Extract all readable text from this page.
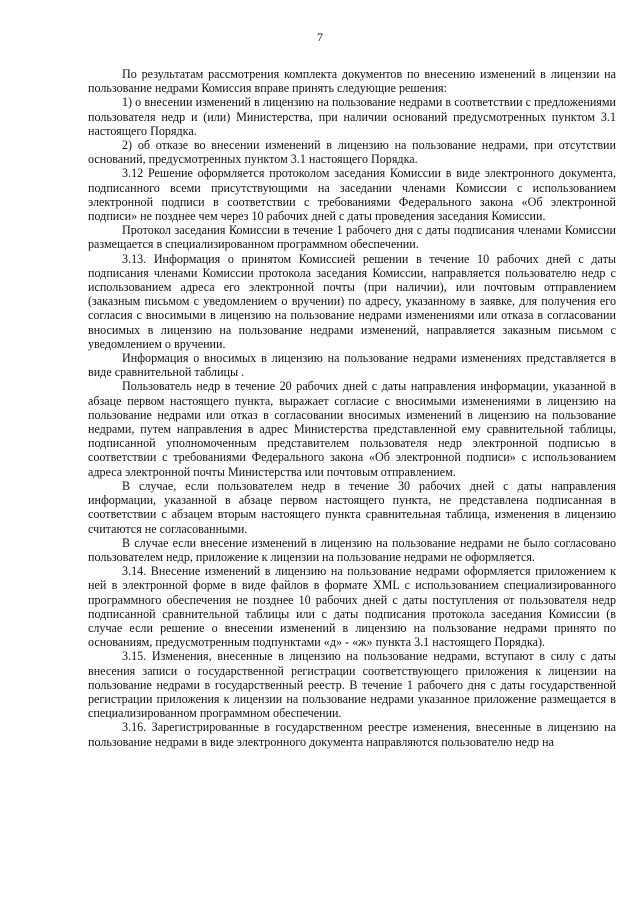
7

По результатам рассмотрения комплекта документов по внесению изменений в лицензии на пользование недрами Комиссия вправе принять следующие решения:

1) о внесении изменений в лицензию на пользование недрами в соответствии с предложениями пользователя недр и (или) Министерства, при наличии оснований предусмотренных пунктом 3.1 настоящего Порядка.

2) об отказе во внесении изменений в лицензию на пользование недрами, при отсутствии оснований, предусмотренных пунктом 3.1 настоящего Порядка.

3.12 Решение оформляется протоколом заседания Комиссии в виде электронного документа, подписанного всеми присутствующими на заседании членами Комиссии с использованием электронной подписи в соответствии с требованиями Федерального закона «Об электронной подписи» не позднее чем через 10 рабочих дней с даты проведения заседания Комиссии.

Протокол заседания Комиссии в течение 1 рабочего дня с даты подписания членами Комиссии размещается в специализированном программном обеспечении.

3.13. Информация о принятом Комиссией решении в течение 10 рабочих дней с даты подписания членами Комиссии протокола заседания Комиссии, направляется пользователю недр с использованием адреса его электронной почты (при наличии), или почтовым отправлением (заказным письмом с уведомлением о вручении) по адресу, указанному в заявке, для получения его согласия с вносимыми в лицензию на пользование недрами изменениями или отказа в согласовании вносимых в лицензию на пользование недрами изменений, направляется заказным письмом с уведомлением о вручении.

Информация о вносимых в лицензию на пользование недрами изменениях представляется в виде сравнительной таблицы .

Пользователь недр в течение 20 рабочих дней с даты направления информации, указанной в абзаце первом настоящего пункта, выражает согласие с вносимыми изменениями в лицензию на пользование недрами или отказ в согласовании вносимых изменений в лицензию на пользование недрами, путем направления в адрес Министерства представленной ему сравнительной таблицы, подписанной уполномоченным представителем пользователя недр электронной подписью в соответствии с требованиями Федерального закона «Об электронной подписи» с использованием адреса электронной почты Министерства или почтовым отправлением.

В случае, если пользователем недр в течение 30 рабочих дней с даты направления информации, указанной в абзаце первом настоящего пункта, не представлена подписанная в соответствии с абзацем вторым настоящего пункта сравнительная таблица, изменения в лицензию считаются не согласованными.

В случае если внесение изменений в лицензию на пользование недрами не было согласовано пользователем недр, приложение к лицензии на пользование недрами не оформляется.

3.14. Внесение изменений в лицензию на пользование недрами оформляется приложением к ней в электронной форме в виде файлов в формате XML с использованием специализированного программного обеспечения не позднее 10 рабочих дней с даты поступления от пользователя недр подписанной сравнительной таблицы или с даты подписания протокола заседания Комиссии (в случае если решение о внесении изменений в лицензию на пользование недрами принято по основаниям, предусмотренным подпунктами «д» - «ж» пункта 3.1 настоящего Порядка).

3.15. Изменения, внесенные в лицензию на пользование недрами, вступают в силу с даты внесения записи о государственной регистрации соответствующего приложения к лицензии на пользование недрами в государственный реестр. В течение 1 рабочего дня с даты государственной регистрации приложения к лицензии на пользование недрами указанное приложение размещается в специализированном программном обеспечении.

3.16. Зарегистрированные в государственном реестре изменения, внесенные в лицензию на пользование недрами в виде электронного документа направляются пользователю недр на
